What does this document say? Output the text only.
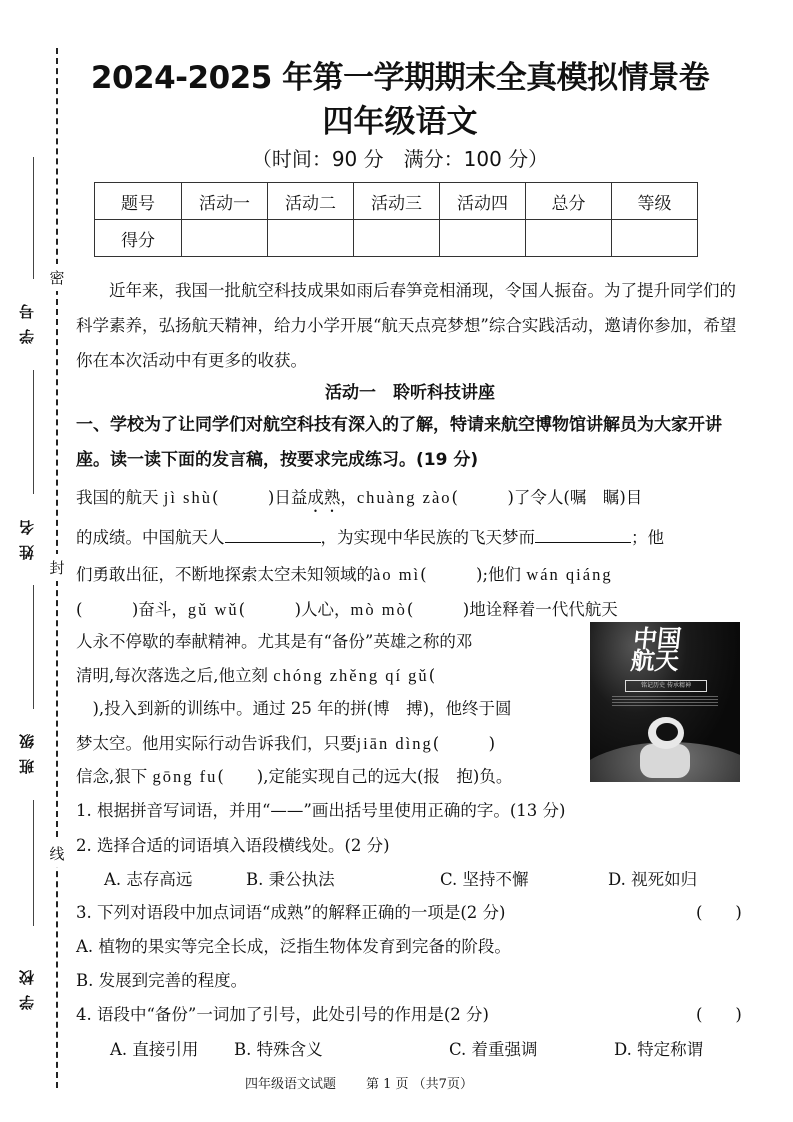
密
封
线
学号
姓名
班级
学校
2024-2025 年第一学期期末全真模拟情景卷
四年级语文
（时间：90 分　满分：100 分）
题号	活动一	活动二	活动三	活动四	总分	等级
得分						
近年来，我国一批航空科技成果如雨后春笋竞相涌现，令国人振奋。为了提升同学们的科学素养，弘扬航天精神，给力小学开展“航天点亮梦想”综合实践活动，邀请你参加，希望你在本次活动中有更多的收获。
活动一　聆听科技讲座
一、学校为了让同学们对航空科技有深入的了解，特请来航空博物馆讲解员为大家开讲座。读一读下面的发言稿，按要求完成练习。(19 分)
我国的航天 jì shù(　　　)日益成熟，chuàng zào(　　　)了令人(嘱　瞩)目
的成绩。中国航天人	，为实现中华民族的飞天梦而	；他
们勇敢出征，不断地探索太空未知领域的ào mì(　　　);他们 wán qiáng
(　　　)奋斗，gǔ wǔ(　　　)人心，mò mò(　　　)地诠释着一代代航天
人永不停歇的奉献精神。尤其是有“备份”英雄之称的邓
清明,每次落选之后,他立刻 chóng zhěng qí gǔ(
　),投入到新的训练中。通过 25 年的拼(博　搏)，他终于圆
梦太空。他用实际行动告诉我们，只要jiān dìng(　　　)
信念,狠下 gōng fu(　　),定能实现自己的远大(报　抱)负。
中国
航天
铭记历史 传承精神
1. 根据拼音写词语，并用“——”画出括号里使用正确的字。(13 分)
2. 选择合适的词语填入语段横线处。(2 分)
A. 志存高远	B. 秉公执法	C. 坚持不懈	D. 视死如归
3. 下列对语段中加点词语“成熟”的解释正确的一项是(2 分)	(　　)
A. 植物的果实等完全长成，泛指生物体发育到完备的阶段。
B. 发展到完善的程度。
4. 语段中“备份”一词加了引号，此处引号的作用是(2 分)	(　　)
A. 直接引用 B. 特殊含义	C. 着重强调	D. 特定称谓
四年级语文试题 第 1 页 （共7页）
